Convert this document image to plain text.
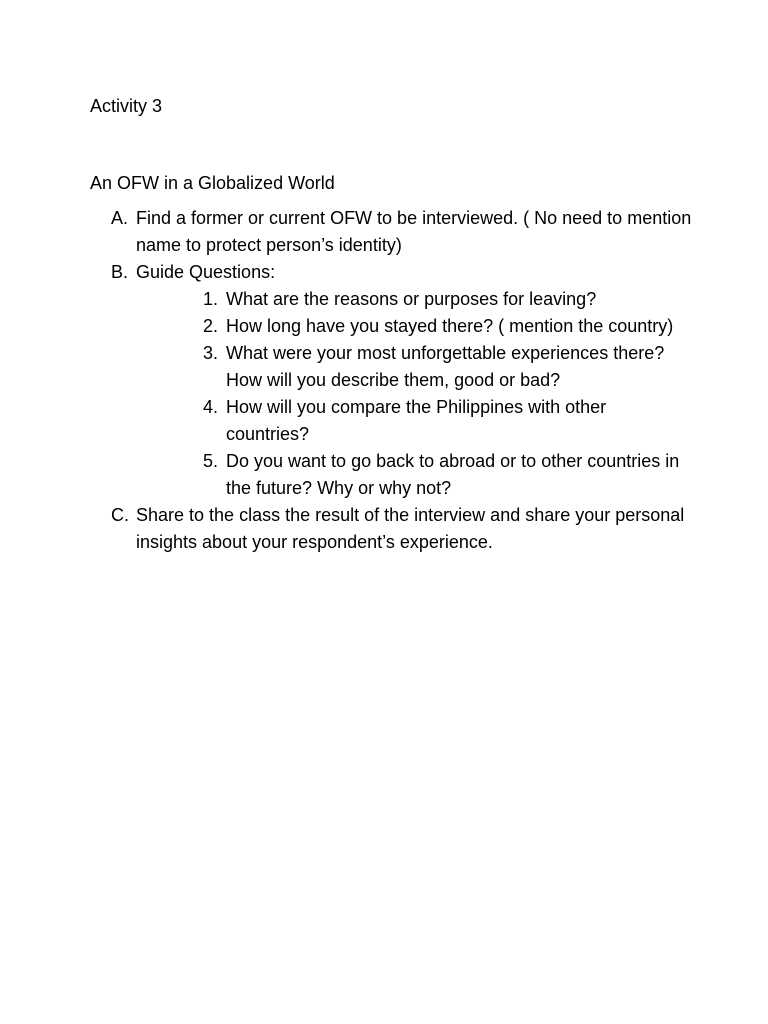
Activity 3
An OFW in a Globalized World
A. Find a former or current OFW to be interviewed. ( No need to mention name to protect person’s identity)
B. Guide Questions:
1. What are the reasons or purposes for leaving?
2. How long have you stayed there? ( mention the country)
3. What were your most unforgettable experiences there? How will you describe them, good or bad?
4. How will you compare the Philippines with other countries?
5. Do you want to go back to abroad or to other countries in the future? Why or why not?
C. Share to the class the result of the interview and share your personal insights about your respondent’s experience.
